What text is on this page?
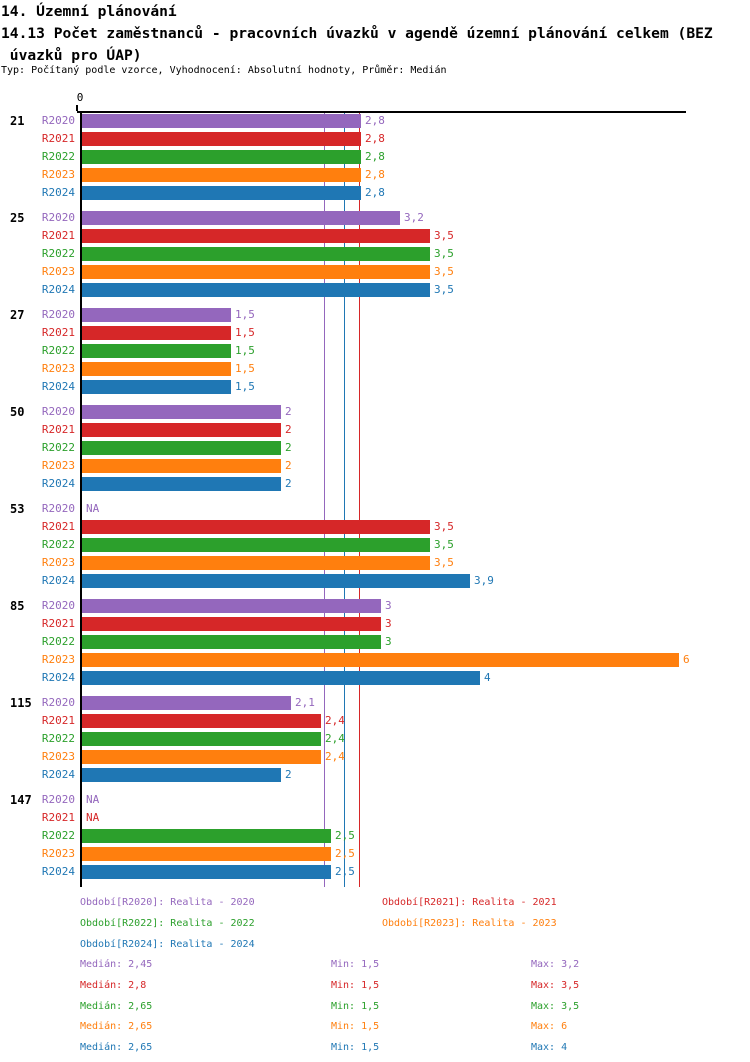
14. Územní plánování
14.13 Počet zaměstnanců - pracovních úvazků v agendě územní plánování celkem (BEZ
úvazků pro ÚAP)
Typ: Počítaný podle vzorce, Vyhodnocení: Absolutní hodnoty, Průměr: Medián
0
21	R2020	2,8
R2021	2,8
R2022	2,8
R2023	2,8
R2024	2,8
25	R2020	3,2
R2021	3,5
R2022	3,5
R2023	3,5
R2024	3,5
27	R2020	1,5
R2021	1,5
R2022	1,5
R2023	1,5
R2024	1,5
50	R2020	2
R2021	2
R2022	2
R2023	2
R2024	2
53	R2020 NA
R2021	3,5
R2022	3,5
R2023	3,5
R2024	3,9
85	R2020	3
R2021	3
R2022	3
R2023	6
R2024	4
115 R2020	2,1
R2021	2,4
R2022	2,4
R2023	2,4
R2024	2
147 R2020 NA
R2021 NA
R2022	2,5
R2023	2,5
R2024	2,5
Období[R2020]: Realita - 2020	Období[R2021]: Realita - 2021
Období[R2022]: Realita - 2022	Období[R2023]: Realita - 2023
Období[R2024]: Realita - 2024
Medián: 2,45	Min: 1,5	Max: 3,2
Medián: 2,8	Min: 1,5	Max: 3,5
Medián: 2,65	Min: 1,5	Max: 3,5
Medián: 2,65	Min: 1,5	Max: 6
Medián: 2,65	Min: 1,5	Max: 4
